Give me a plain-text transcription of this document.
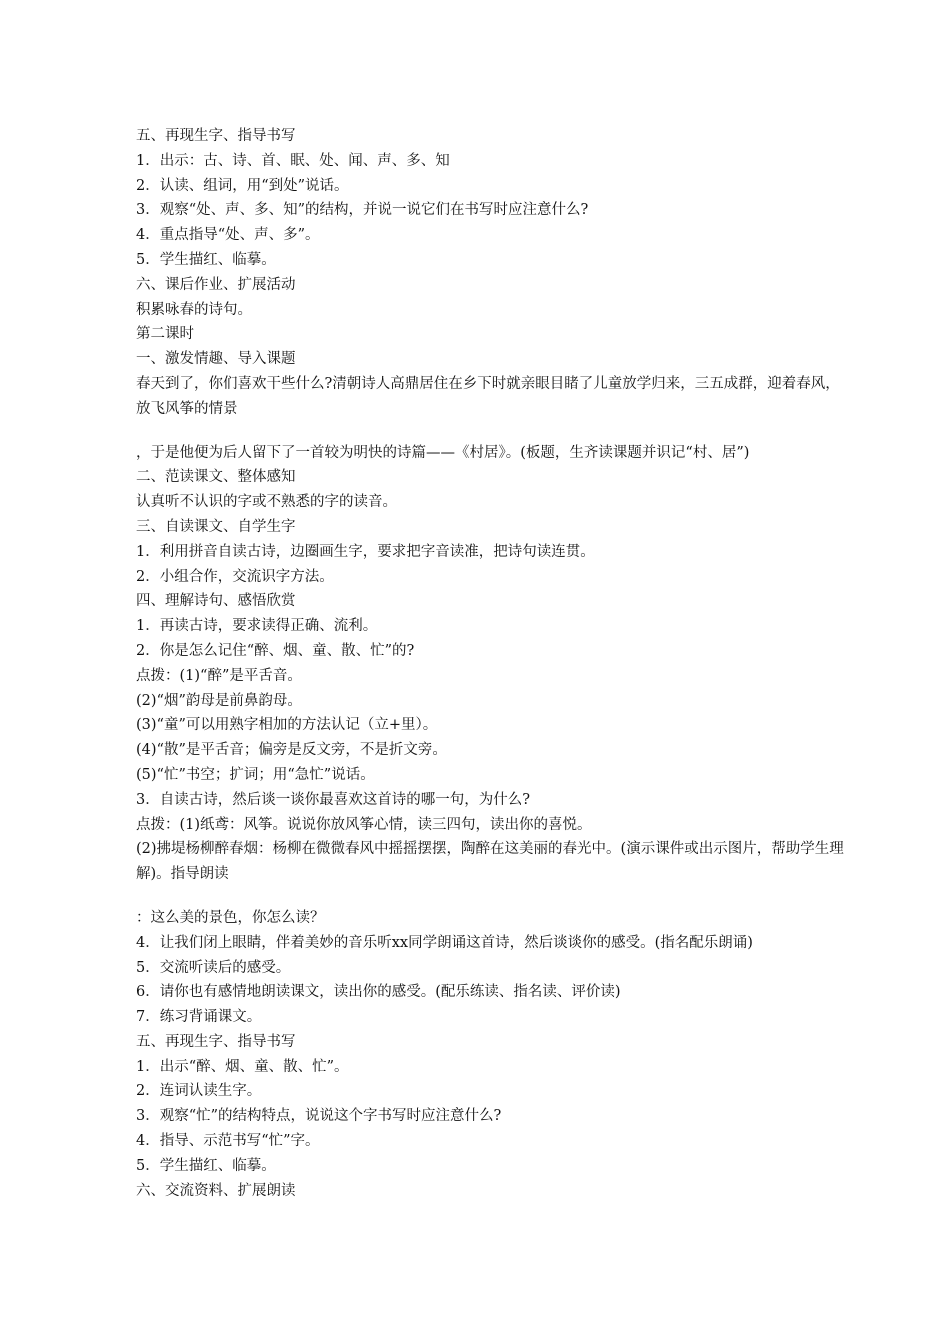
五、再现生字、指导书写

1．出示：古、诗、首、眠、处、闻、声、多、知

2．认读、组词，用“到处”说话。

3．观察“处、声、多、知”的结构，并说一说它们在书写时应注意什么?

4．重点指导“处、声、多”。

5．学生描红、临摹。

六、课后作业、扩展活动

积累咏春的诗句。

第二课时

一、激发情趣、导入课题

春天到了，你们喜欢干些什么?清朝诗人高鼎居住在乡下时就亲眼目睹了儿童放学归来，三五成群，迎着春风，放飞风筝的情景

，于是他便为后人留下了一首较为明快的诗篇——《村居》。(板题，生齐读课题并识记“村、居”)

二、范读课文、整体感知

认真听不认识的字或不熟悉的字的读音。

三、自读课文、自学生字

1．利用拼音自读古诗，边圈画生字，要求把字音读准，把诗句读连贯。

2．小组合作，交流识字方法。

四、理解诗句、感悟欣赏

1．再读古诗，要求读得正确、流利。

2．你是怎么记住“醉、烟、童、散、忙”的?

点拨：(1)“醉”是平舌音。

(2)“烟”韵母是前鼻韵母。

(3)“童”可以用熟字相加的方法认记（立+里）。

(4)“散”是平舌音；偏旁是反文旁，不是折文旁。

(5)“忙”书空；扩词；用“急忙”说话。

3．自读古诗，然后谈一谈你最喜欢这首诗的哪一句，为什么?

点拨：(1)纸鸢：风筝。说说你放风筝心情，读三四句，读出你的喜悦。

(2)拂堤杨柳醉春烟：杨柳在微微春风中摇摇摆摆，陶醉在这美丽的春光中。(演示课件或出示图片，帮助学生理解)。指导朗读

：这么美的景色，你怎么读？

4．让我们闭上眼睛，伴着美妙的音乐听xx同学朗诵这首诗，然后谈谈你的感受。(指名配乐朗诵)

5．交流听读后的感受。

6．请你也有感情地朗读课文，读出你的感受。(配乐练读、指名读、评价读)

7．练习背诵课文。

五、再现生字、指导书写

1．出示“醉、烟、童、散、忙”。

2．连词认读生字。

3．观察“忙”的结构特点，说说这个字书写时应注意什么?

4．指导、示范书写“忙”字。

5．学生描红、临摹。

六、交流资料、扩展朗读
